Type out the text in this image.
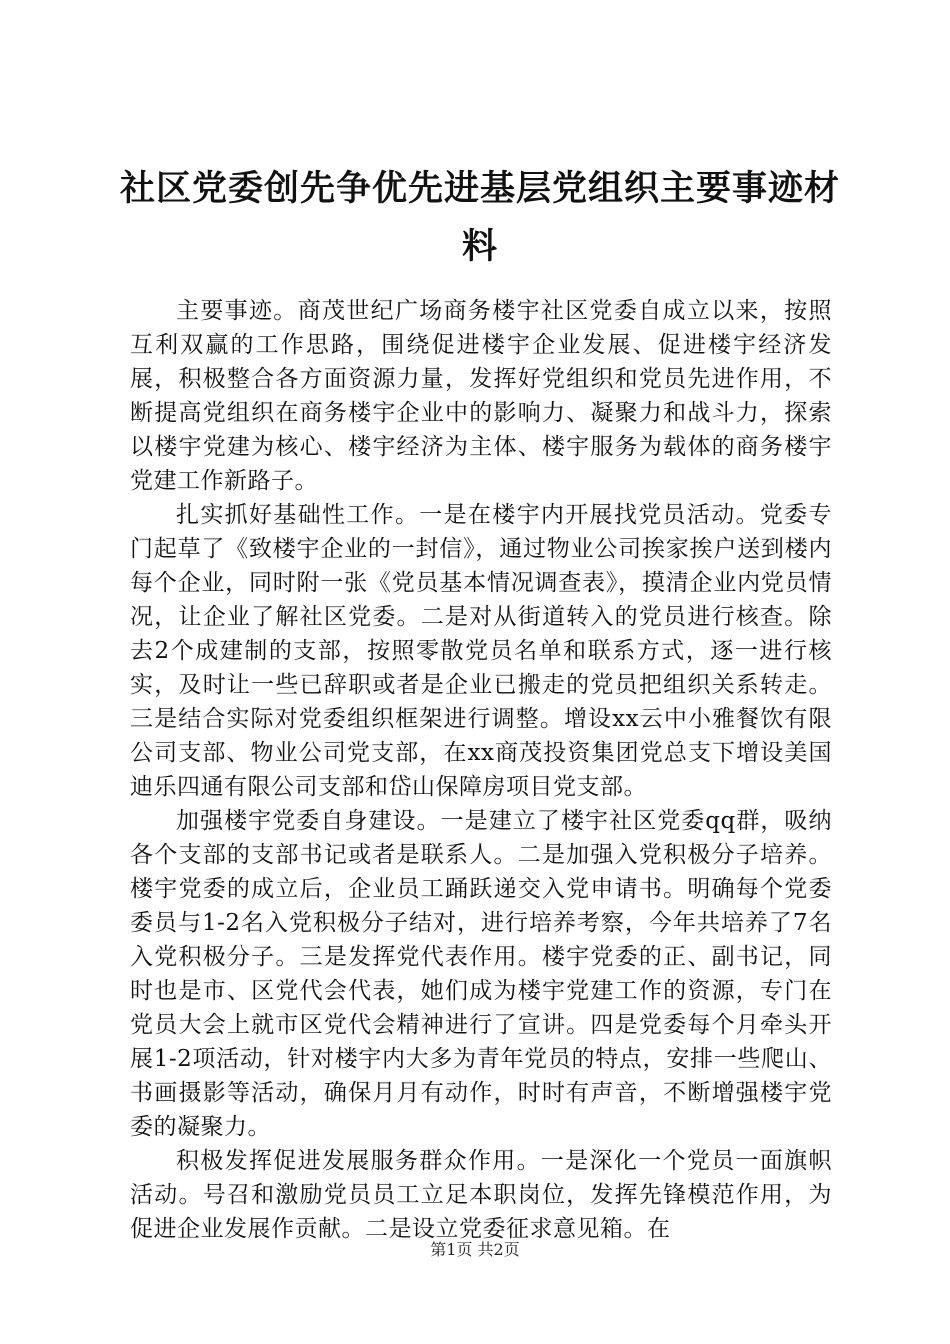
社区党委创先争优先进基层党组织主要事迹材料

主要事迹。商茂世纪广场商务楼宇社区党委自成立以来，按照互利双赢的工作思路，围绕促进楼宇企业发展、促进楼宇经济发展，积极整合各方面资源力量，发挥好党组织和党员先进作用，不断提高党组织在商务楼宇企业中的影响力、凝聚力和战斗力，探索以楼宇党建为核心、楼宇经济为主体、楼宇服务为载体的商务楼宇党建工作新路子。

扎实抓好基础性工作。一是在楼宇内开展找党员活动。党委专门起草了《致楼宇企业的一封信》，通过物业公司挨家挨户送到楼内每个企业，同时附一张《党员基本情况调查表》，摸清企业内党员情况，让企业了解社区党委。二是对从街道转入的党员进行核查。除去2个成建制的支部，按照零散党员名单和联系方式，逐一进行核实，及时让一些已辞职或者是企业已搬走的党员把组织关系转走。三是结合实际对党委组织框架进行调整。增设xx云中小雅餐饮有限公司支部、物业公司党支部，在xx商茂投资集团党总支下增设美国迪乐四通有限公司支部和岱山保障房项目党支部。

加强楼宇党委自身建设。一是建立了楼宇社区党委qq群，吸纳各个支部的支部书记或者是联系人。二是加强入党积极分子培养。楼宇党委的成立后，企业员工踊跃递交入党申请书。明确每个党委委员与1-2名入党积极分子结对，进行培养考察，今年共培养了7名入党积极分子。三是发挥党代表作用。楼宇党委的正、副书记，同时也是市、区党代会代表，她们成为楼宇党建工作的资源，专门在党员大会上就市区党代会精神进行了宣讲。四是党委每个月牵头开展1-2项活动，针对楼宇内大多为青年党员的特点，安排一些爬山、书画摄影等活动，确保月月有动作，时时有声音，不断增强楼宇党委的凝聚力。

积极发挥促进发展服务群众作用。一是深化一个党员一面旗帜活动。号召和激励党员员工立足本职岗位，发挥先锋模范作用，为促进企业发展作贡献。二是设立党委征求意见箱。在

第1页 共2页
